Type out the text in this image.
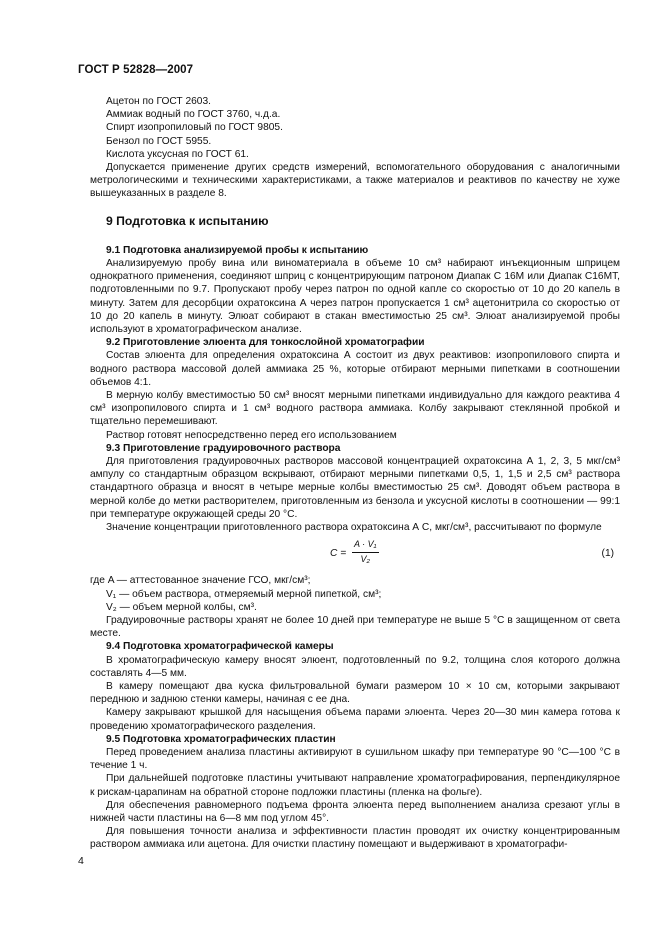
ГОСТ Р 52828—2007

Ацетон по ГОСТ 2603.

Аммиак водный по ГОСТ 3760, ч.д.а.

Спирт изопропиловый по ГОСТ 9805.

Бензол по ГОСТ 5955.

Кислота уксусная по ГОСТ 61.

Допускается применение других средств измерений, вспомогательного оборудования с аналогичными метрологическими и техническими характеристиками, а также материалов и реактивов по качеству не хуже вышеуказанных в разделе 8.

9 Подготовка к испытанию

9.1 Подготовка анализируемой пробы к испытанию

Анализируемую пробу вина или виноматериала в объеме 10 см³ набирают инъекционным шприцем однократного применения, соединяют шприц с концентрирующим патроном Диапак С 16М или Диапак С16МТ, подготовленными по 9.7. Пропускают пробу через патрон по одной капле со скоростью от 10 до 20 капель в минуту. Затем для десорбции охратоксина А через патрон пропускается 1 см³ ацетонитрила со скоростью от 10 до 20 капель в минуту. Элюат собирают в стакан вместимостью 25 см³. Элюат анализируемой пробы используют в хроматографическом анализе.

9.2 Приготовление элюента для тонкослойной хроматографии

Состав элюента для определения охратоксина А состоит из двух реактивов: изопропилового спирта и водного раствора массовой долей аммиака 25 %, которые отбирают мерными пипетками в соотношении объемов 4:1.

В мерную колбу вместимостью 50 см³ вносят мерными пипетками индивидуально для каждого реактива 4 см³ изопропилового спирта и 1 см³ водного раствора аммиака. Колбу закрывают стеклянной пробкой и тщательно перемешивают.

Раствор готовят непосредственно перед его использованием

9.3 Приготовление градуировочного раствора

Для приготовления градуировочных растворов массовой концентрацией охратоксина А 1, 2, 3, 5 мкг/см³ ампулу со стандартным образцом вскрывают, отбирают мерными пипетками 0,5, 1, 1,5 и 2,5 см³ раствора стандартного образца и вносят в четыре мерные колбы вместимостью 25 см³. Доводят объем раствора в мерной колбе до метки растворителем, приготовленным из бензола и уксусной кислоты в соотношении — 99:1 при температуре окружающей среды 20 °С.

Значение концентрации приготовленного раствора охратоксина А С, мкг/см³, рассчитывают по формуле

$C = \frac{\text{A · V₁}}{\text{V₂}}$	(1)

где A — аттестованное значение ГСО, мкг/см³;

V₁ — объем раствора, отмеряемый мерной пипеткой, см³;

V₂ — объем мерной колбы, см³.

Градуировочные растворы хранят не более 10 дней при температуре не выше 5 °С в защищенном от света месте.

9.4 Подготовка хроматографической камеры

В хроматографическую камеру вносят элюент, подготовленный по 9.2, толщина слоя которого должна составлять 4—5 мм.

В камеру помещают два куска фильтровальной бумаги размером 10 × 10 см, которыми закрывают переднюю и заднюю стенки камеры, начиная с ее дна.

Камеру закрывают крышкой для насыщения объема парами элюента. Через 20—30 мин камера готова к проведению хроматографического разделения.

9.5 Подготовка хроматографических пластин

Перед проведением анализа пластины активируют в сушильном шкафу при температуре 90 °С—100 °С в течение 1 ч.

При дальнейшей подготовке пластины учитывают направление хроматографирования, перпендикулярное к рискам-царапинам на обратной стороне подложки пластины (пленка на фольге).

Для обеспечения равномерного подъема фронта элюента перед выполнением анализа срезают углы в нижней части пластины на 6—8 мм под углом 45°.

Для повышения точности анализа и эффективности пластин проводят их очистку концентрированным раствором аммиака или ацетона. Для очистки пластину помещают и выдерживают в хроматографи-

4
